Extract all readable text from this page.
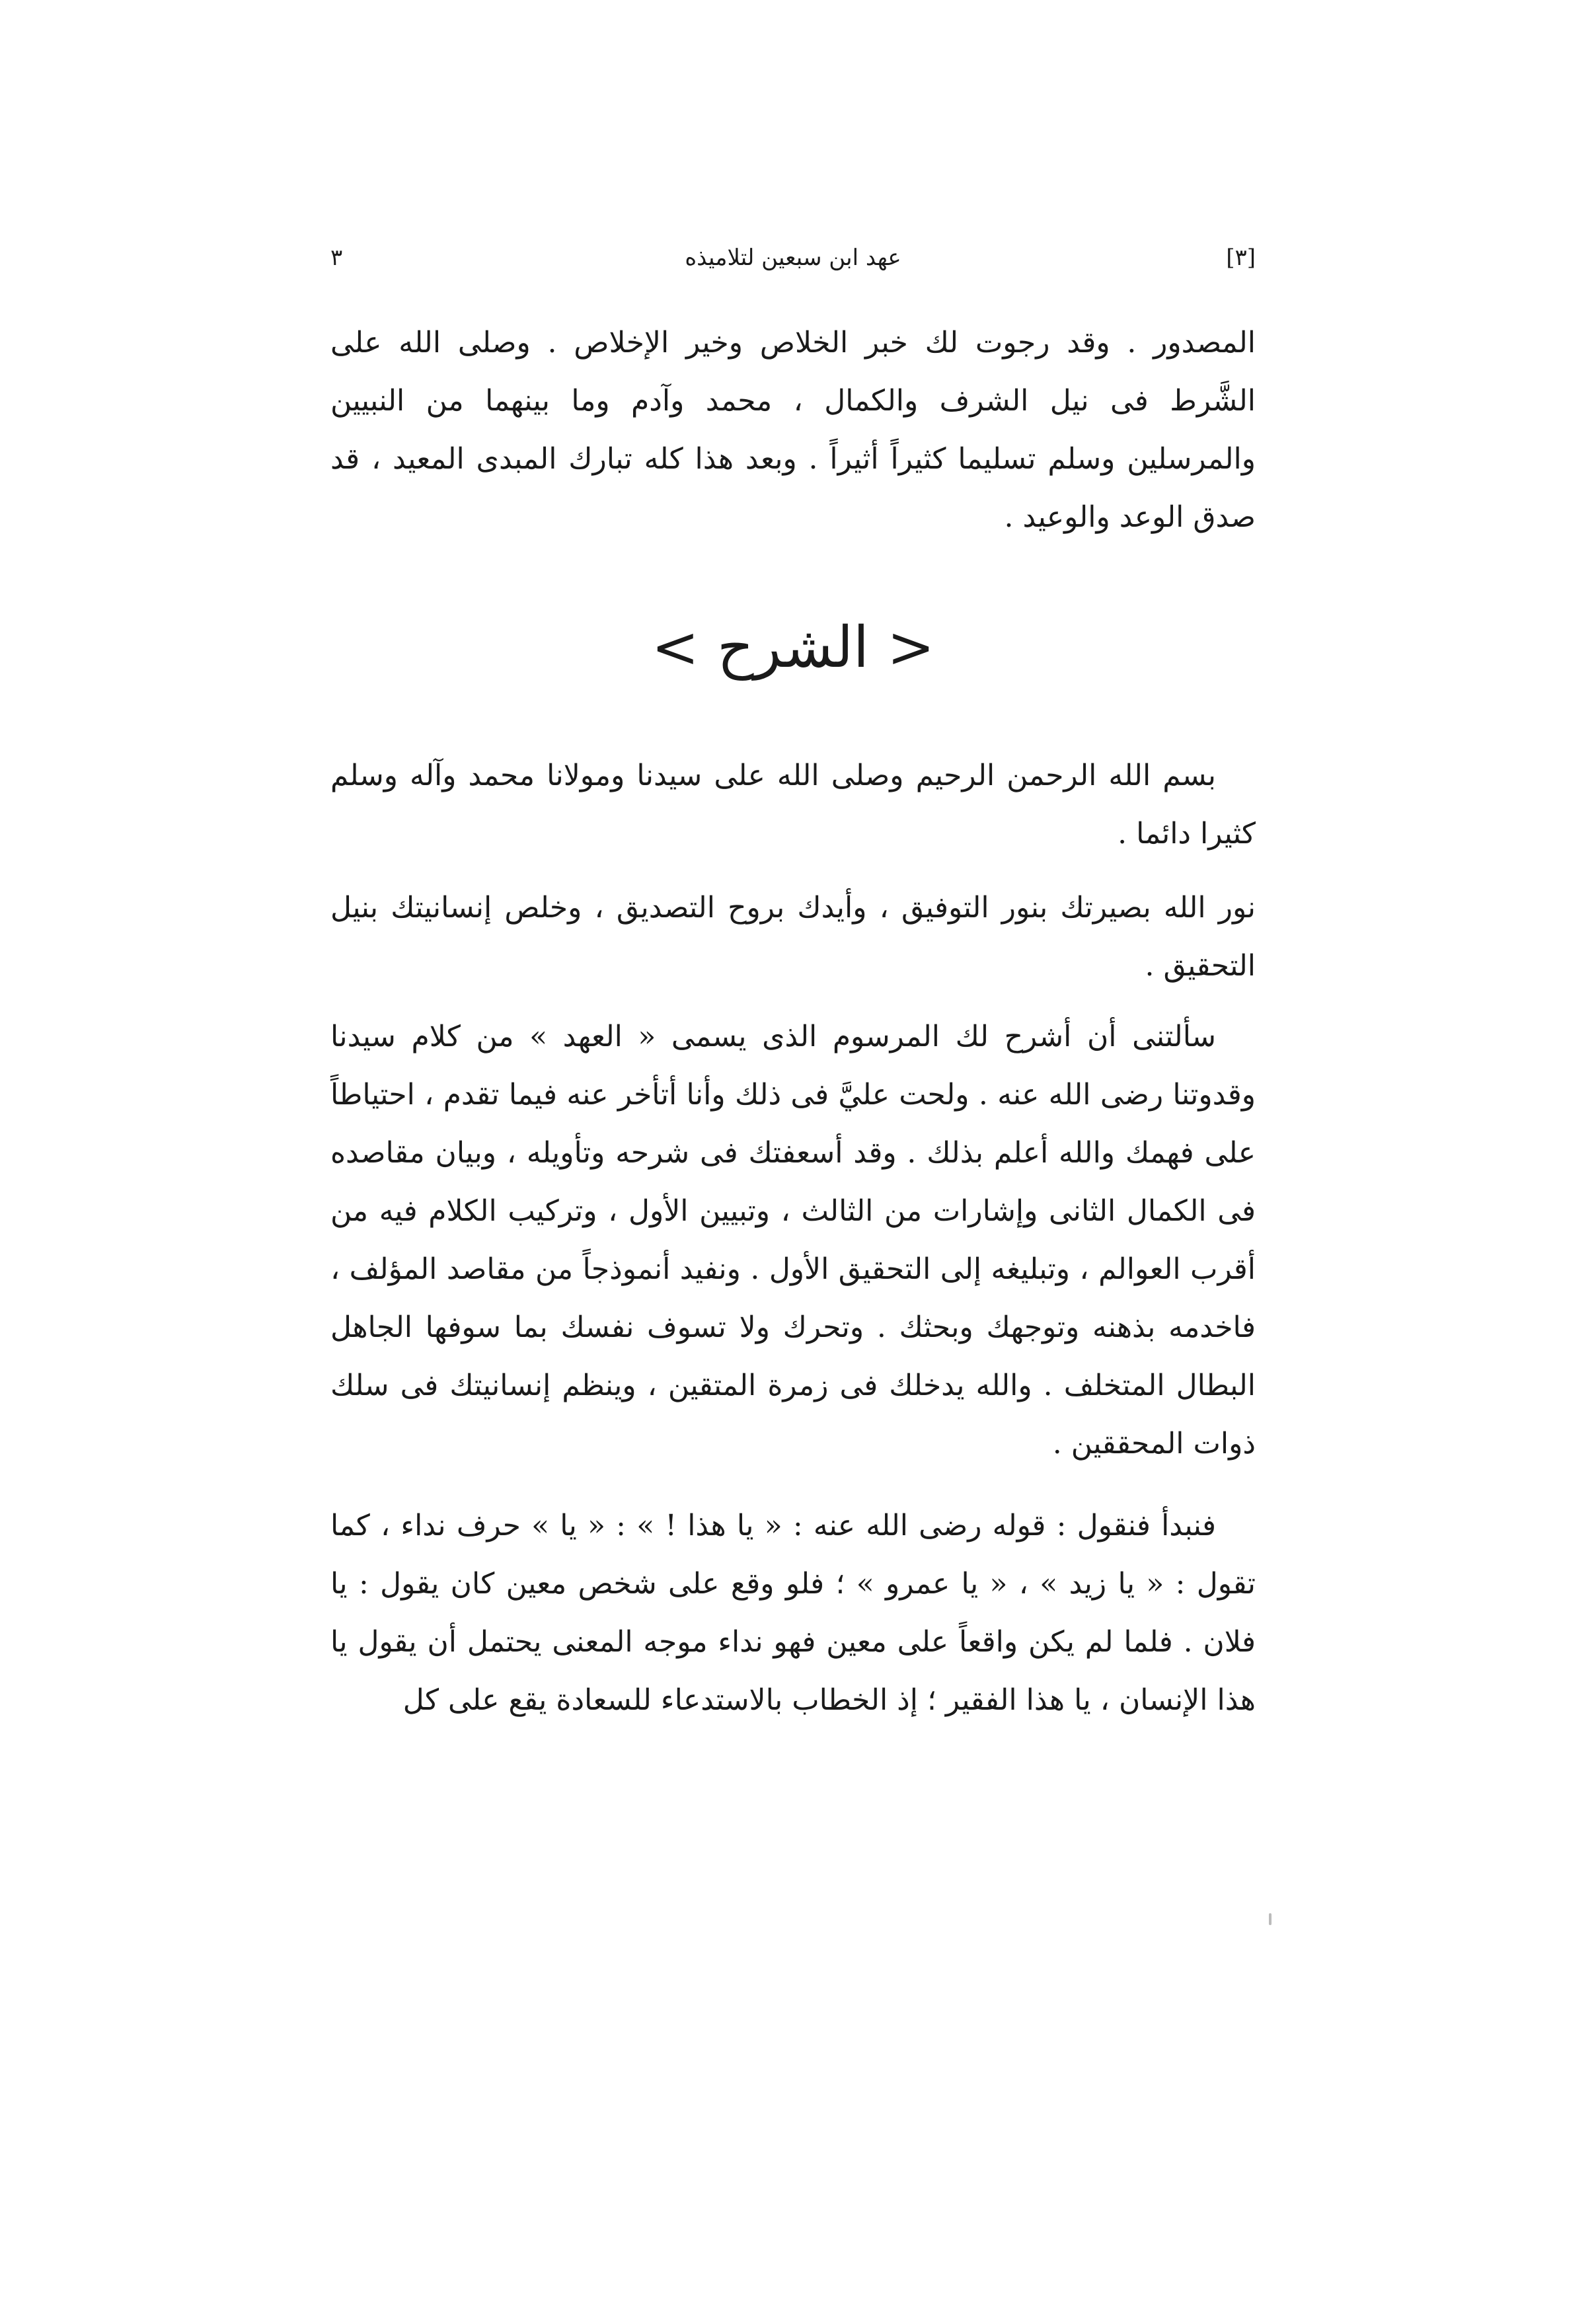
[٣]
عهد ابن سبعين لتلاميذه
٣
المصدور . وقد رجوت لك خبر الخلاص وخير الإخلاص . وصلى الله على الشَّرط فى نيل الشرف والكمال ، محمد وآدم وما بينهما من النبيين والمرسلين وسلم تسليما كثيراً أثيراً . وبعد هذا كله تبارك المبدى المعيد ، قد صدق الوعد والوعيد .
< الشرح >
بسم الله الرحمن الرحيم وصلى الله على سيدنا ومولانا محمد وآله وسلم كثيرا دائما .
نور الله بصيرتك بنور التوفيق ، وأيدك بروح التصديق ، وخلص إنسانيتك بنيل التحقيق .
سألتنى أن أشرح لك المرسوم الذى يسمى « العهد » من كلام سيدنا وقدوتنا رضى الله عنه . ولحت عليَّ فى ذلك وأنا أتأخر عنه فيما تقدم ، احتياطاً على فهمك والله أعلم بذلك . وقد أسعفتك فى شرحه وتأويله ، وبيان مقاصده فى الكمال الثانى وإشارات من الثالث ، وتبيين الأول ، وتركيب الكلام فيه من أقرب العوالم ، وتبليغه إلى التحقيق الأول . ونفيد أنموذجاً من مقاصد المؤلف ، فاخدمه بذهنه وتوجهك وبحثك . وتحرك ولا تسوف نفسك بما سوفها الجاهل البطال المتخلف . والله يدخلك فى زمرة المتقين ، وينظم إنسانيتك فى سلك ذوات المحققين .
فنبدأ فنقول : قوله رضى الله عنه : « يا هذا ! » : « يا » حرف نداء ، كما تقول : « يا زيد » ، « يا عمرو » ؛ فلو وقع على شخص معين كان يقول : يا فلان . فلما لم يكن واقعاً على معين فهو نداء موجه المعنى يحتمل أن يقول يا هذا الإنسان ، يا هذا الفقير ؛ إذ الخطاب بالاستدعاء للسعادة يقع على كل
